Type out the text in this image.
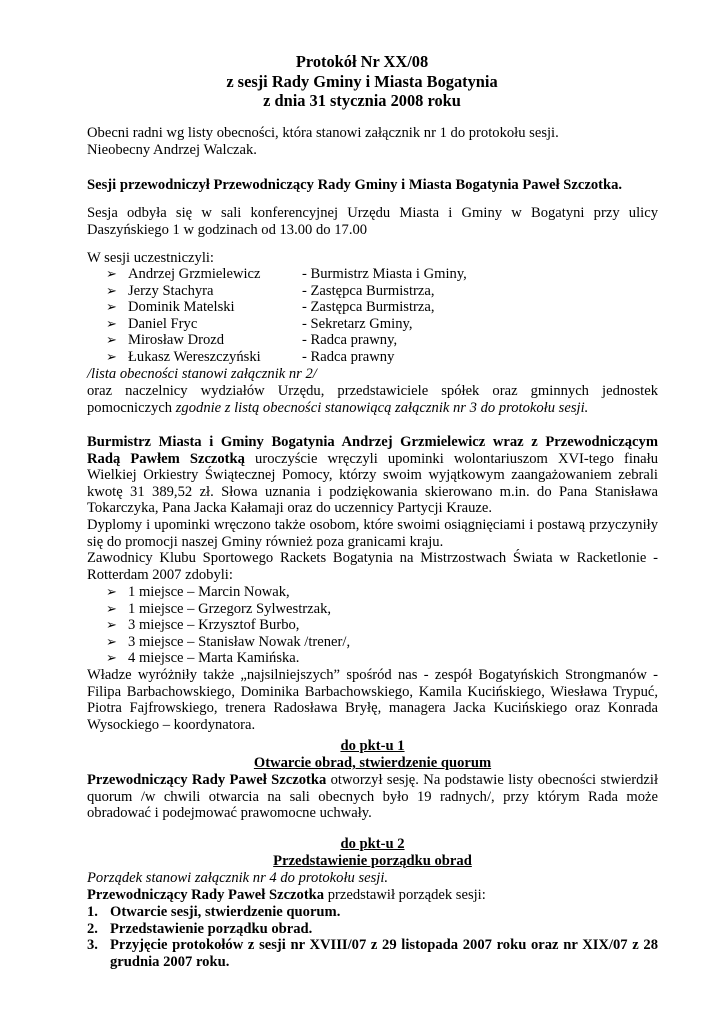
Protokół Nr XX/08
z sesji Rady Gminy i Miasta Bogatynia
z dnia 31 stycznia 2008 roku
Obecni radni wg listy obecności, która stanowi załącznik nr 1 do protokołu sesji.
Nieobecny Andrzej Walczak.
Sesji przewodniczył Przewodniczący Rady Gminy i Miasta Bogatynia Paweł Szczotka.
Sesja odbyła się w sali konferencyjnej Urzędu Miasta i Gminy w Bogatyni przy ulicy Daszyńskiego 1 w godzinach od 13.00 do 17.00
W sesji uczestniczyli:
➢ Andrzej Grzmielewicz	- Burmistrz Miasta i Gminy,
➢ Jerzy Stachyra	- Zastępca Burmistrza,
➢ Dominik Matelski	- Zastępca Burmistrza,
➢ Daniel Fryc	- Sekretarz Gminy,
➢ Mirosław Drozd	- Radca prawny,
➢ Łukasz Wereszczyński	- Radca prawny
/lista obecności stanowi załącznik nr 2/
oraz naczelnicy wydziałów Urzędu, przedstawiciele spółek oraz gminnych jednostek pomocniczych zgodnie z listą obecności stanowiącą załącznik nr 3 do protokołu sesji.
Burmistrz Miasta i Gminy Bogatynia Andrzej Grzmielewicz wraz z Przewodniczącym Radą Pawłem Szczotką uroczyście wręczyli upominki wolontariuszom XVI-tego finału Wielkiej Orkiestry Świątecznej Pomocy, którzy swoim wyjątkowym zaangażowaniem zebrali kwotę 31 389,52 zł. Słowa uznania i podziękowania skierowano m.in. do Pana Stanisława Tokarczyka, Pana Jacka Kałamaji oraz do uczennicy Partycji Krauze.
Dyplomy i upominki wręczono także osobom, które swoimi osiągnięciami i postawą przyczyniły się do promocji naszej Gminy również poza granicami kraju.
Zawodnicy Klubu Sportowego Rackets Bogatynia na Mistrzostwach Świata w Racketlonie - Rotterdam 2007 zdobyli:
➢ 1 miejsce – Marcin Nowak,
➢ 1 miejsce – Grzegorz Sylwestrzak,
➢ 3 miejsce – Krzysztof Burbo,
➢ 3 miejsce – Stanisław Nowak /trener/,
➢ 4 miejsce – Marta Kamińska.
Władze wyróżniły także „najsilniejszych” spośród nas - zespół Bogatyńskich Strongmanów - Filipa Barbachowskiego, Dominika Barbachowskiego, Kamila Kucińskiego, Wiesława Trypuć, Piotra Fajfrowskiego, trenera Radosława Bryłę, managera Jacka Kucińskiego oraz Konrada Wysockiego – koordynatora.
do pkt-u 1
Otwarcie obrad, stwierdzenie quorum
Przewodniczący Rady Paweł Szczotka otworzył sesję. Na podstawie listy obecności stwierdził quorum /w chwili otwarcia na sali obecnych było 19 radnych/, przy którym Rada może obradować i podejmować prawomocne uchwały.
do pkt-u 2
Przedstawienie porządku obrad
Porządek stanowi załącznik nr 4 do protokołu sesji.
Przewodniczący Rady Paweł Szczotka przedstawił porządek sesji:
1. Otwarcie sesji, stwierdzenie quorum.
2. Przedstawienie porządku obrad.
3. Przyjęcie protokołów z sesji nr XVIII/07 z 29 listopada 2007 roku oraz nr XIX/07 z 28 grudnia 2007 roku.
